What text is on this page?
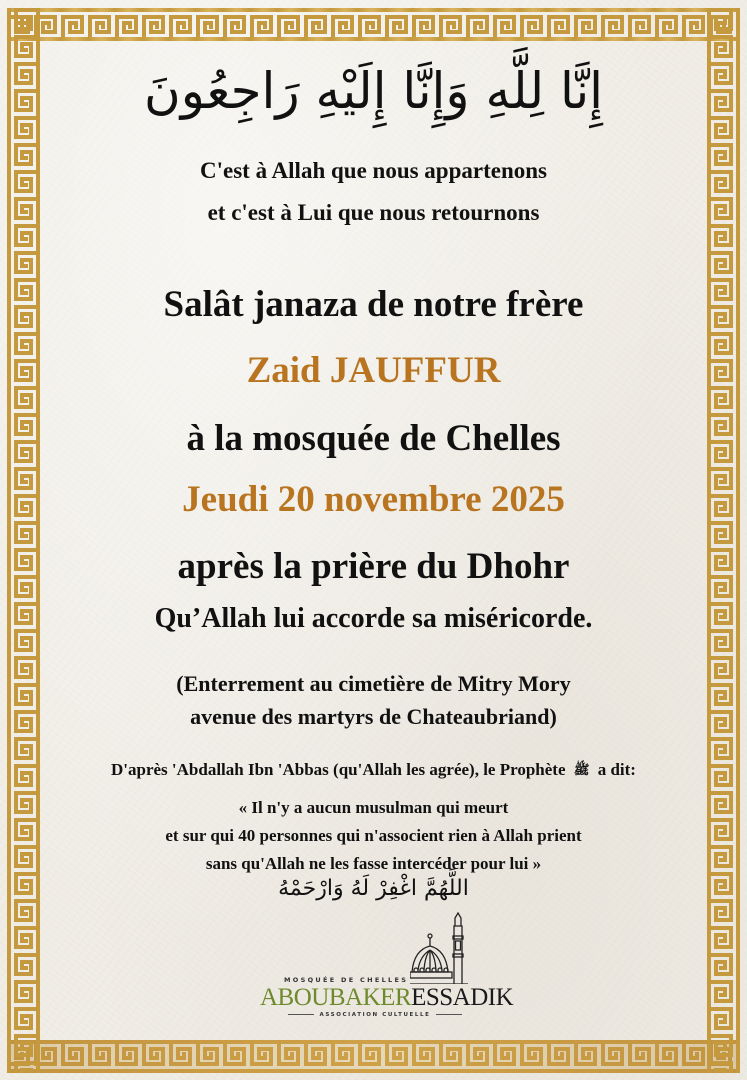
إِنَّا لِلَّهِ وَإِنَّا إِلَيْهِ رَاجِعُونَ
C'est à Allah que nous appartenons
et c'est à Lui que nous retournons
Salât janaza de notre frère
Zaid JAUFFUR
à la mosquée de Chelles
Jeudi 20 novembre 2025
après la prière du Dhohr
Qu’Allah lui accorde sa miséricorde.
(Enterrement au cimetière de Mitry Mory
avenue des martyrs de Chateaubriand)
D'après 'Abdallah Ibn 'Abbas (qu'Allah les agrée), le Prophète ﷺ a dit:
« Il n'y a aucun musulman qui meurt
et sur qui 40 personnes qui n'associent rien à Allah prient
sans qu'Allah ne les fasse intercéder pour lui »
اللَّهُمَّ اغْفِرْ لَهُ وَارْحَمْهُ
MOSQUÉE DE CHELLES
ABOUBAKERESSADIK
ASSOCIATION CULTUELLE
